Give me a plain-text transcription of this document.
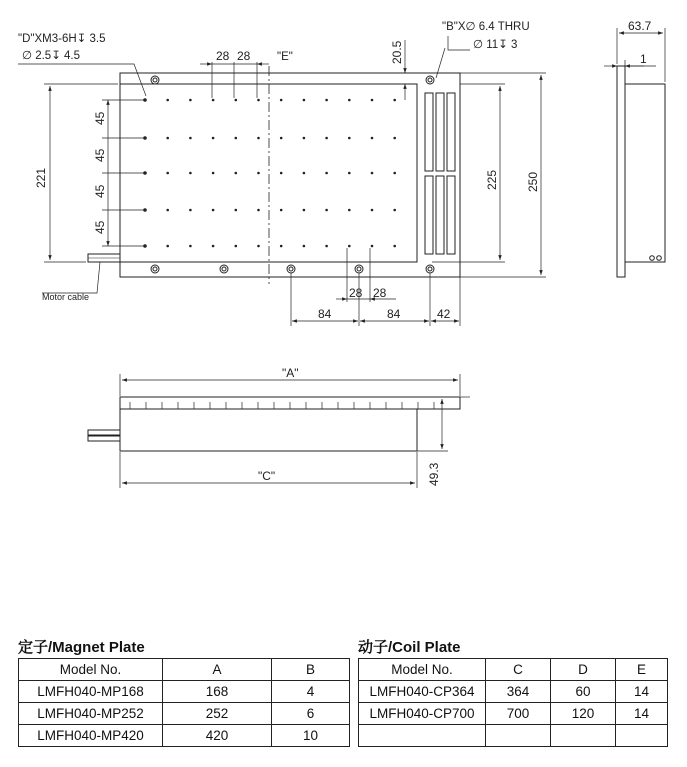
"D"XM3-6H↧ 3.5
∅ 2.5↧ 4.5
"B"X∅ 6.4 THRU
∅ 11↧ 3
"E"
Motor cable
28 28	20.5
63.7
1
221
45
45
45
45
225 250
28 28
84	84	42
"A"
"C"	49.3
定子/Magnet Plate
Model No.	A	B
LMFH040-MP168	168	4
LMFH040-MP252	252	6
LMFH040-MP420	420	10
动子/Coil Plate
Model No.	C	D	E
LMFH040-CP364	364	60	14
LMFH040-CP700	700	120	14
